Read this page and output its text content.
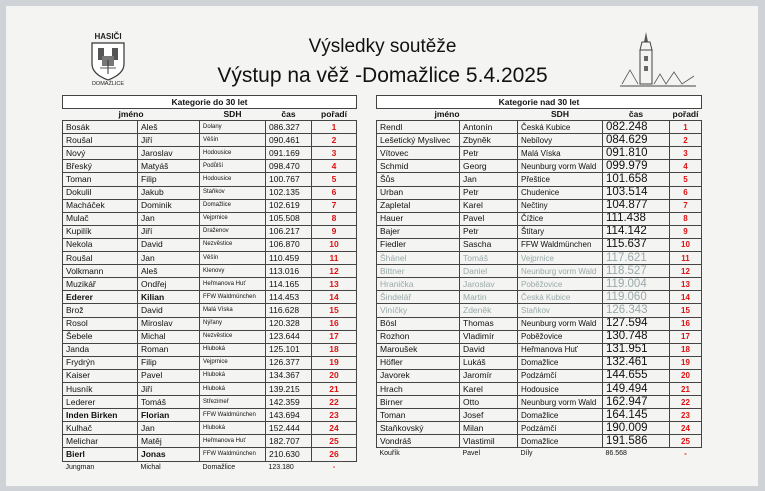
HASIČI
DOMAŽLICE
Výsledky soutěže
Výstup na věž -Domažlice 5.4.2025
Kategorie do 30 let				
jméno		SDH	čas	pořadí
Bosák	Aleš	Dolany	086.327	1
Roušal	Jiří	Věšín	090.461	2
Nový	Jaroslav	Hodousice	091.169	3
Břeský	Matyáš	Podůlší	098.470	4
Toman	Filip	Hodousice	100.767	5
Dokulil	Jakub	Staňkov	102.135	6
Macháček	Dominik	Domažlice	102.619	7
Mulač	Jan	Vejprnice	105.508	8
Kupilík	Jiří	Draženov	106.217	9
Nekola	David	Nezvěstice	106.870	10
Roušal	Jan	Věšín	110.459	11
Volkmann	Aleš	Klenovy	113.016	12
Muzikář	Ondřej	Heřmanova Huť	114.165	13
Ederer	Kilian	FFW Waldmünchen	114.453	14
Brož	David	Malá Víska	116.628	15
Rosol	Miroslav	Nýřany	120.328	16
Šebele	Michal	Nezvěstice	123.644	17
Janda	Roman	Hluboká	125.101	18
Frydrýn	Filip	Vejprnice	126.377	19
Kaiser	Pavel	Hluboká	134.367	20
Husník	Jiří	Hluboká	139.215	21
Lederer	Tomáš	Střezimeř	142.359	22
Inden Birken	Florian	FFW Waldmünchen	143.694	23
Kulhač	Jan	Hluboká	152.444	24
Melichar	Matěj	Heřmanova Huť	182.707	25
Bierl	Jonas	FFW Waldmünchen	210.630	26
Jungman	Michal	Domažlice	123.180	-
Kategorie nad 30 let				
jméno		SDH	čas	pořadí
Rendl	Antonín	Česká Kubice	082.248	1
Lešetický Myslivec	Zbyněk	Nebílovy	084.629	2
Vítovec	Petr	Malá Víska	091.810	3
Schmid	Georg	Neunburg vorm Wald	099.979	4
Šůs	Jan	Přeštice	101.658	5
Urban	Petr	Chudenice	103.514	6
Zapletal	Karel	Nečtiny	104.877	7
Hauer	Pavel	Čížice	111.438	8
Bajer	Petr	Štítary	114.142	9
Fiedler	Sascha	FFW Waldmünchen	115.637	10
Šhánel	Tomáš	Vejprnice	117.621	11
Bittner	Daniel	Neunburg vorm Wald	118.527	12
Hranička	Jaroslav	Poběžovice	119.004	13
Šindelář	Martin	Česká Kubice	119.060	14
Viníčky	Zdeněk	Staňkov	126.343	15
Bösl	Thomas	Neunburg vorm Wald	127.594	16
Rozhon	Vladimír	Poběžovice	130.748	17
Maroušek	David	Heřmanova Huť	131.951	18
Höfler	Lukáš	Domažlice	132.461	19
Javorek	Jaromír	Podzámčí	144.655	20
Hrach	Karel	Hodousice	149.494	21
Birner	Otto	Neunburg vorm Wald	162.947	22
Toman	Josef	Domažlice	164.145	23
Staňkovský	Milan	Podzámčí	190.009	24
Vondráš	Vlastimil	Domažlice	191.586	25
Kouřík	Pavel	Díly	86.568	-
